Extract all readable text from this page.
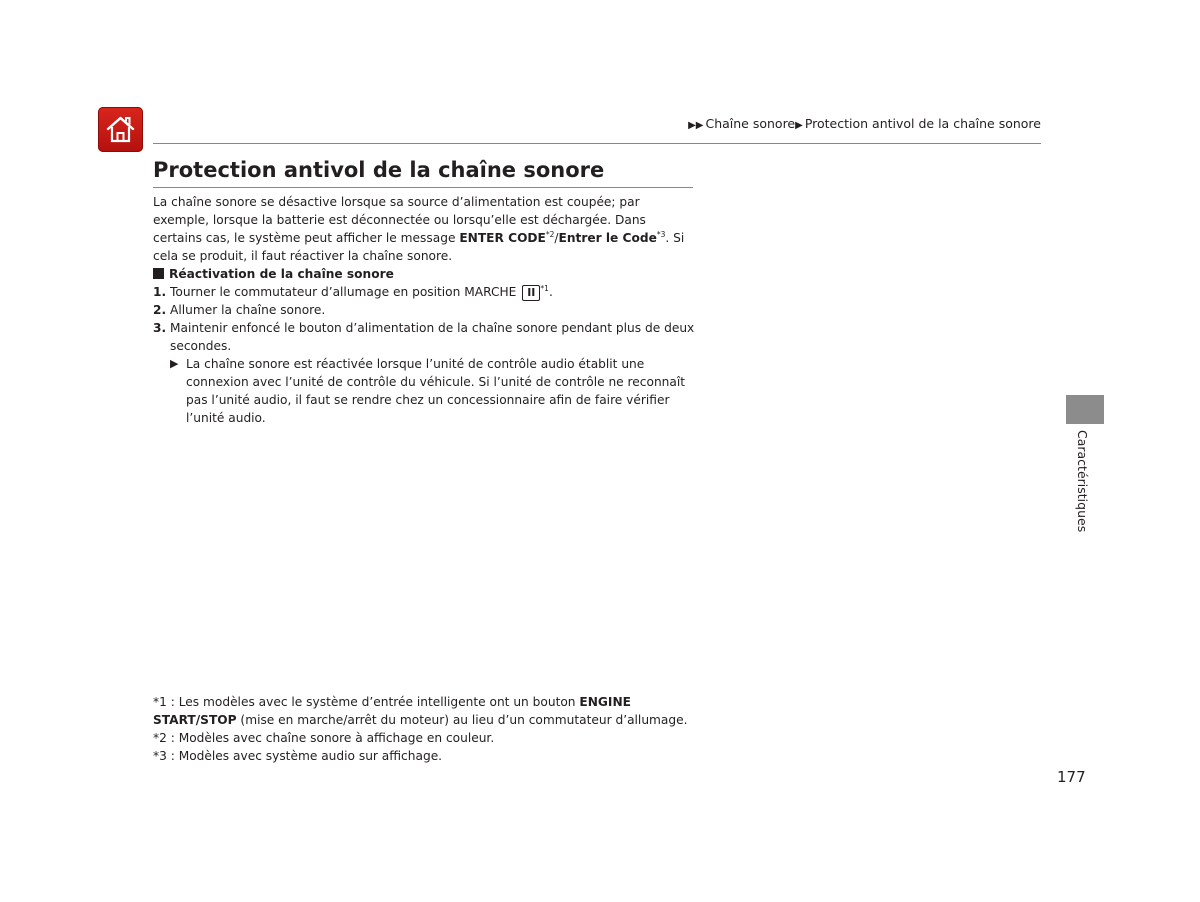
▶▶ Chaîne sonore▶ Protection antivol de la chaîne sonore
Protection antivol de la chaîne sonore

La chaîne sonore se désactive lorsque sa source d’alimentation est coupée; par exemple, lorsque la batterie est déconnectée ou lorsqu’elle est déchargée. Dans certains cas, le système peut afficher le message ENTER CODE$^{*2}$/Entrer le Code$^{*3}$. Si cela se produit, il faut réactiver la chaîne sonore.

Réactivation de la chaîne sonore

1. Tourner le commutateur d’allumage en position MARCHE II $^{*1}$.

2. Allumer la chaîne sonore.

3. Maintenir enfoncé le bouton d’alimentation de la chaîne sonore pendant plus de deux secondes.

▶ La chaîne sonore est réactivée lorsque l’unité de contrôle audio établit une connexion avec l’unité de contrôle du véhicule. Si l’unité de contrôle ne reconnaît pas l’unité audio, il faut se rendre chez un concessionnaire afin de faire vérifier l’unité audio.

*1 : Les modèles avec le système d’entrée intelligente ont un bouton ENGINE START/STOP (mise en marche/arrêt du moteur) au lieu d’un commutateur d’allumage.

*2 : Modèles avec chaîne sonore à affichage en couleur.

*3 : Modèles avec système audio sur affichage.

177
Caractéristiques
